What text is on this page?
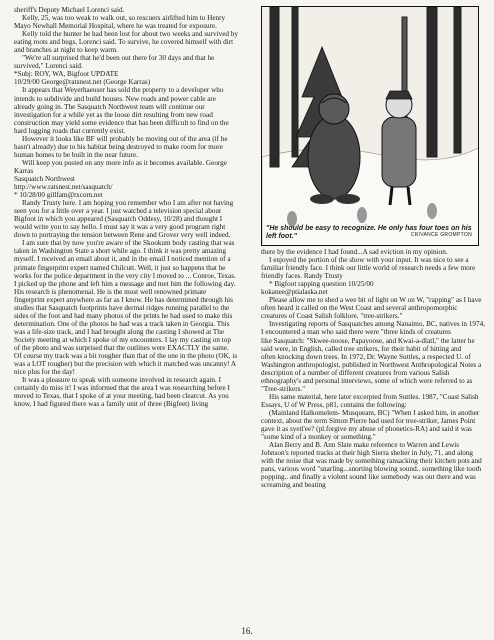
sheriff's Deputy Michael Lorenci said.

Kelly, 25, was too weak to walk out, so rescuers airlifted him to Henry Mayo Newhall Memorial Hospital, where he was treated for exposure.

Kelly told the hunter he had been lost for about two weeks and survived by eating roots and bugs, Lorenci said. To survive, he covered himself with dirt and branches at night to keep warm.

"We're all surprised that he'd been out there for 30 days and that he survived," Lorenci said.

*Subj: ROY, WA, Bigfoot UPDATE

10/29/00 George@ratsnest.net (George Karras)

It appears that Weyerhaeuser has sold the property to a developer who intends to subdivide and build houses. New roads and power cable are already going in. The Sasquatch Northwest team will continue our investigation for a while yet as the loose dirt resulting from new road construction may yield some evidence that has been difficult to find on the hard logging roads that currently exist.

However it looks like BF will probably be moving out of the area (if he hasn't already) due to his habitat being destroyed to make room for more human homes to be built in the near future.

Will keep you posted on any more info as it becomes available. George Karras

Sasquatch Northwest

http://www.ratsnest.net/sasquatch/

* 10/28/00 gillfam@txcom.net

Randy Trusty here. I am hoping you remember who I am after not having seen you for a little over a year. I just watched a television special about Bigfoot in which you appeared (Sasquatch Oddesy, 10/28) and thought I would write you to say hello. I must say it was a very good program right down to portraying the tension between Rene and Grover very well indeed.

I am sure that by now you're aware of the Skookum body casting that was taken in Washington State a short while ago. I think it was pretty amazing myself. I received an email about it, and in the email I noticed mention of a primate fingerprint expert named Chilcutt. Well, it just so happens that he works for the police department in the very city I moved to ... Conroe, Texas. I picked up the phone and left him a message and met him the following day. His research is phenomenal. He is the most well renowned primate fingerprint expert anywhere as far as I know. He has determined through his studies that Sasquatch footprints have dermal ridges running parallel to the sides of the foot and had many photos of the prints he had used to make this determination. One of the photos he had was a track taken in Georgia. This was a life-size track, and I had brought along the casting I showed at The Society meeting at which I spoke of my encounters. I lay my casting on top of the photo and was surprised that the outlines were EXACTLY the same. Of course my track was a bit rougher than that of the one in the photo (OK, is was a LOT rougher) but the precision with which it matched was uncanny! A nice plus for the day!

It was a pleasure to speak with someone involved in research again. I certainly do miss it! I was informed that the area I was researching before I moved to Texas, that I spoke of at your meeting, had been clearcut. As you know, I had figured there was a family unit of three (Bigfeet) living

"He should be easy to recognize. He only has four toes on his left foot."	CRIVANCE GROMPTON

there by the evidence I had found...A sad eviction in my opinion.

I enjoyed the portion of the show with your input. It was nice to see a familiar friendly face. I think our little world of research needs a few more friendly faces. Randy Trusty

* Bigfoot rapping question 10/25/00

kokanee@ptialaska.net

Please allow me to shed a wee bit of light on W on W, "rapping" as I have often heard it called on the West Coast and several anthropomorphic

creatures of Coast Salish folklore, "tree-strikers."

Investigating reports of Sasquatches among Nanaimo, BC, natives in 1974, I encountered a man who said there were "three kinds of creatures

like Sasquatch: "Skwee-noose, Papayoose, and Kwai-a-dlatl," the latter he said were, in English, called tree strikers, for their habit of hitting and

often knocking down trees. In 1972, Dr. Wayne Suttles, a respected U. of Washington anthropologist, published in Northwest Anthropological Notes a description of a number of different creatures from various Salish ethnography's and personal interviews, some of which were referred to as "Tree-strikers."

His same material, here later excerpted from Suttles. 1987, "Coast Salish Essays, U of W Press, p81, contains the following:

(Mainland Halkomelem- Musqueam, BC) "When I asked him, in another context, about the term Simon Pierre had used for tree-striker, James Point gave it as syetl'ee? (pl.forgive my abuse of phonetics-RA) and said it was "some kind of a monkey or something."

Alan Berry and B. Ann Slate make reference to Warren and Lewis Johnson's reported tracks at their high Sierra shelter in July, 71, and along with the noise that was made by something ransacking their kitchen pots and pans, various word "snarling...snorting blowing sound.. something like tooth popping.. and finally a violent sound like somebody was out there and was screaming and beating

16.
